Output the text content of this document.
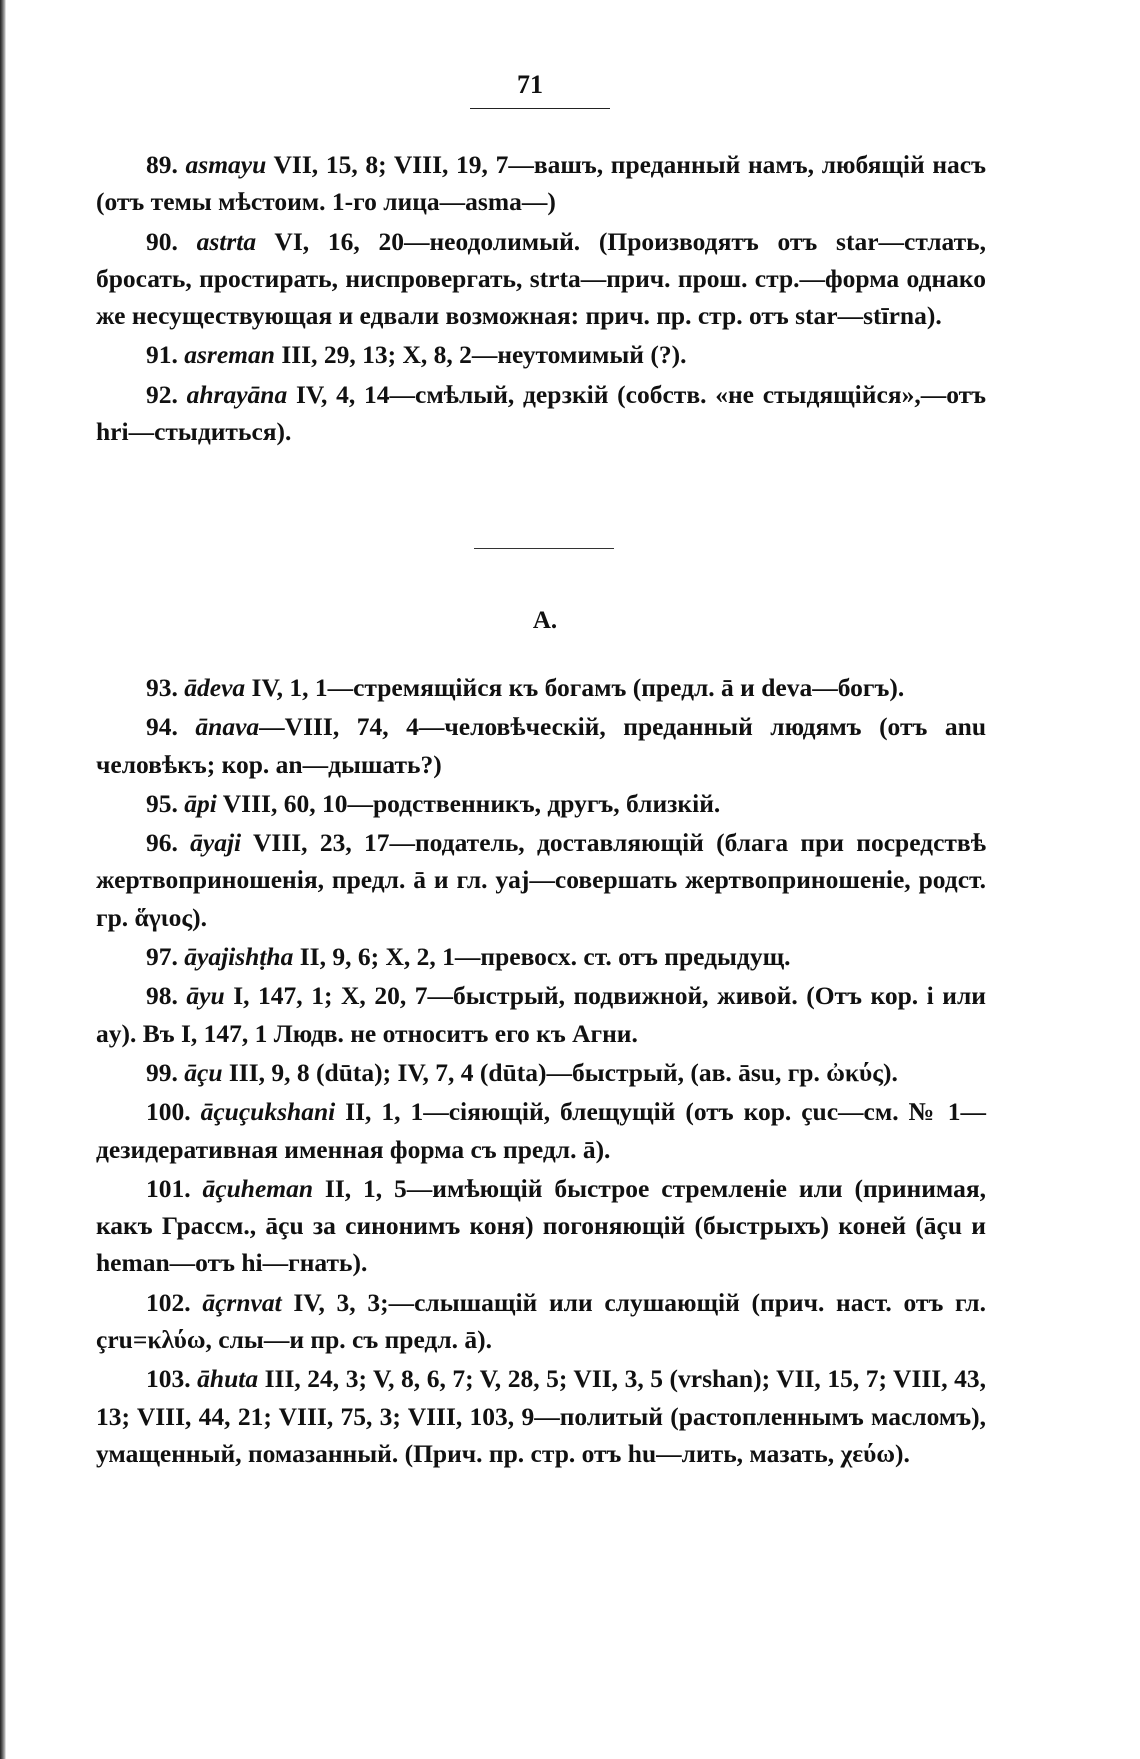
71

89. asmayu VII, 15, 8; VIII, 19, 7—вашъ, преданный намъ, любящій насъ (отъ темы мѣстоим. 1-го лица—asma—)

90. astrta VI, 16, 20—неодолимый. (Производятъ отъ star—стлать, бросать, простирать, ниспровергать, strta—прич. прош. стр.—форма однако же несуществующая и едвали возможная: прич. пр. стр. отъ star—stīrna).

91. asreman III, 29, 13; X, 8, 2—неутомимый (?).

92. ahrayāna IV, 4, 14—смѣлый, дерзкій (собств. «не стыдящійся»,—отъ hri—стыдиться).

A.

93. ādeva IV, 1, 1—стремящійся къ богамъ (предл. ā и deva—богъ).

94. ānava—VIII, 74, 4—человѣческій, преданный людямъ (отъ anu человѣкъ; кор. an—дышать?)

95. āpi VIII, 60, 10—родственникъ, другъ, близкій.

96. āyaji VIII, 23, 17—податель, доставляющій (блага при посредствѣ жертвоприношенія, предл. ā и гл. yaj—совершать жертвоприношеніе, родст. гр. ἅγιος).

97. āyajishṭha II, 9, 6; X, 2, 1—превосх. ст. отъ предыдущ.

98. āyu I, 147, 1; X, 20, 7—быстрый, подвижной, живой. (Отъ кор. i или ay). Въ I, 147, 1 Людв. не относитъ его къ Агни.

99. āçu III, 9, 8 (dūta); IV, 7, 4 (dūta)—быстрый, (ав. āsu, гр. ὠκύς).

100. āçuçukshani II, 1, 1—сіяющій, блещущій (отъ кор. çuc—см. № 1—дезидеративная именная форма съ предл. ā).

101. āçuheman II, 1, 5—имѣющій быстрое стремленіе или (принимая, какъ Грассм., āçu за синонимъ коня) погоняющій (быстрыхъ) коней (āçu и heman—отъ hi—гнать).

102. āçrnvat IV, 3, 3;—слышащій или слушающій (прич. наст. отъ гл. çru=κλύω, слы—и пр. съ предл. ā).

103. āhuta III, 24, 3; V, 8, 6, 7; V, 28, 5; VII, 3, 5 (vrshan); VII, 15, 7; VIII, 43, 13; VIII, 44, 21; VIII, 75, 3; VIII, 103, 9—политый (растопленнымъ масломъ), умащенный, помазанный. (Прич. пр. стр. отъ hu—лить, мазать, χεύω).
